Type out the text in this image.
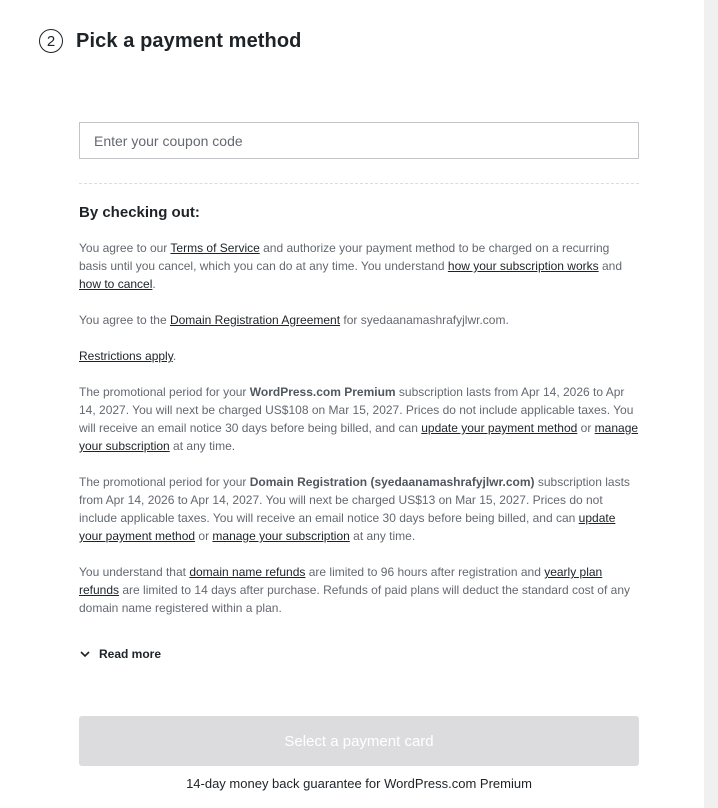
2	Pick a payment method
Enter your coupon code
By checking out:

You agree to our Terms of Service and authorize your payment method to be charged on a recurring basis until you cancel, which you can do at any time. You understand how your subscription works and how to cancel.

You agree to the Domain Registration Agreement for syedaanamashrafyjlwr.com.

Restrictions apply.

The promotional period for your WordPress.com Premium subscription lasts from Apr 14, 2026 to Apr 14, 2027. You will next be charged US$108 on Mar 15, 2027. Prices do not include applicable taxes. You will receive an email notice 30 days before being billed, and can update your payment method or manage your subscription at any time.

The promotional period for your Domain Registration (syedaanamashrafyjlwr.com) subscription lasts from Apr 14, 2026 to Apr 14, 2027. You will next be charged US$13 on Mar 15, 2027. Prices do not include applicable taxes. You will receive an email notice 30 days before being billed, and can update your payment method or manage your subscription at any time.

You understand that domain name refunds are limited to 96 hours after registration and yearly plan refunds are limited to 14 days after purchase. Refunds of paid plans will deduct the standard cost of any domain name registered within a plan.

Read more
Select a payment card
14-day money back guarantee for WordPress.com Premium
